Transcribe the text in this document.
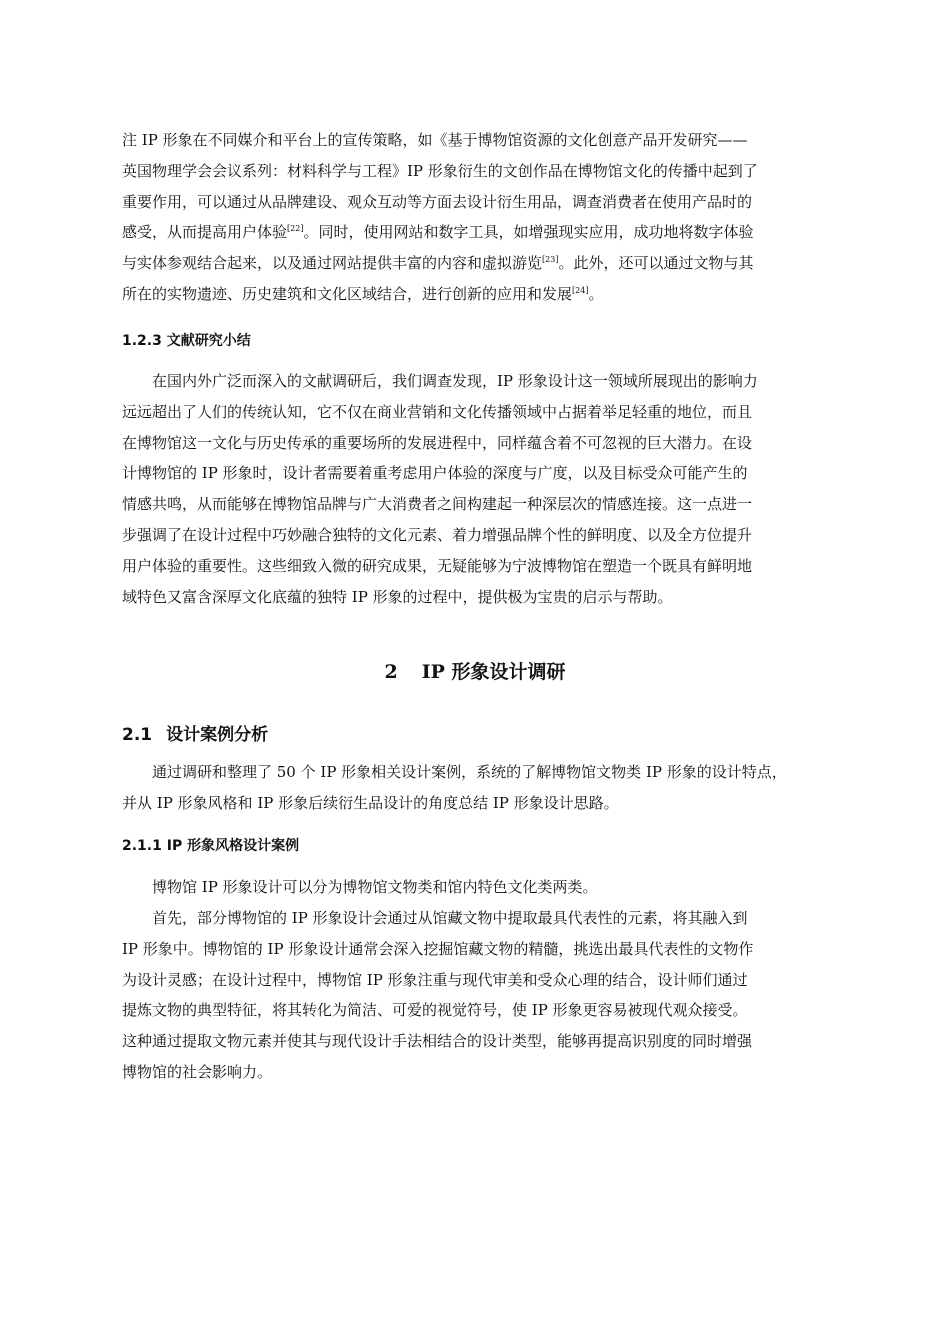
注 IP 形象在不同媒介和平台上的宣传策略，如《基于博物馆资源的文化创意产品开发研究——
英国物理学会会议系列：材料科学与工程》IP 形象衍生的文创作品在博物馆文化的传播中起到了
重要作用，可以通过从品牌建设、观众互动等方面去设计衍生用品，调查消费者在使用产品时的
感受，从而提高用户体验[22]。同时，使用网站和数字工具，如增强现实应用，成功地将数字体验
与实体参观结合起来，以及通过网站提供丰富的内容和虚拟游览[23]。此外，还可以通过文物与其
所在的实物遗迹、历史建筑和文化区域结合，进行创新的应用和发展[24]。

1.2.3 文献研究小结

在国内外广泛而深入的文献调研后，我们调查发现，IP 形象设计这一领域所展现出的影响力
远远超出了人们的传统认知，它不仅在商业营销和文化传播领域中占据着举足轻重的地位，而且
在博物馆这一文化与历史传承的重要场所的发展进程中，同样蕴含着不可忽视的巨大潜力。在设
计博物馆的 IP 形象时，设计者需要着重考虑用户体验的深度与广度，以及目标受众可能产生的
情感共鸣，从而能够在博物馆品牌与广大消费者之间构建起一种深层次的情感连接。这一点进一
步强调了在设计过程中巧妙融合独特的文化元素、着力增强品牌个性的鲜明度、以及全方位提升
用户体验的重要性。这些细致入微的研究成果，无疑能够为宁波博物馆在塑造一个既具有鲜明地
域特色又富含深厚文化底蕴的独特 IP 形象的过程中，提供极为宝贵的启示与帮助。

2 IP 形象设计调研
2.1 设计案例分析

通过调研和整理了 50 个 IP 形象相关设计案例，系统的了解博物馆文物类 IP 形象的设计特点，
并从 IP 形象风格和 IP 形象后续衍生品设计的角度总结 IP 形象设计思路。

2.1.1 IP 形象风格设计案例

博物馆 IP 形象设计可以分为博物馆文物类和馆内特色文化类两类。

首先，部分博物馆的 IP 形象设计会通过从馆藏文物中提取最具代表性的元素，将其融入到
IP 形象中。博物馆的 IP 形象设计通常会深入挖掘馆藏文物的精髓，挑选出最具代表性的文物作
为设计灵感；在设计过程中，博物馆 IP 形象注重与现代审美和受众心理的结合，设计师们通过
提炼文物的典型特征，将其转化为简洁、可爱的视觉符号，使 IP 形象更容易被现代观众接受。
这种通过提取文物元素并使其与现代设计手法相结合的设计类型，能够再提高识别度的同时增强
博物馆的社会影响力。
